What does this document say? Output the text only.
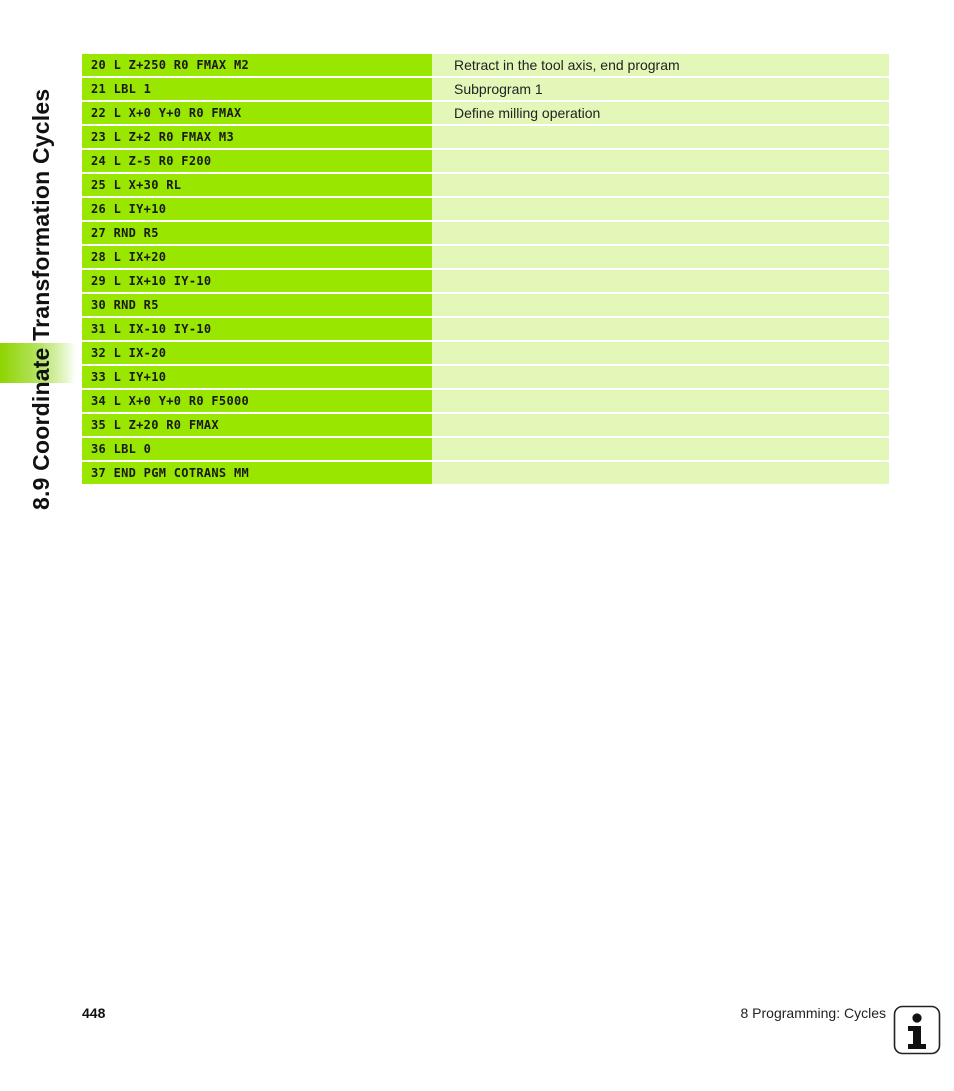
8.9 Coordinate Transformation Cycles
20 L Z+250 R0 FMAX M2	Retract in the tool axis, end program
21 LBL 1	Subprogram 1
22 L X+0 Y+0 R0 FMAX	Define milling operation
23 L Z+2 R0 FMAX M3
24 L Z-5 R0 F200
25 L X+30 RL
26 L IY+10
27 RND R5
28 L IX+20
29 L IX+10 IY-10
30 RND R5
31 L IX-10 IY-10
32 L IX-20
33 L IY+10
34 L X+0 Y+0 R0 F5000
35 L Z+20 R0 FMAX
36 LBL 0
37 END PGM COTRANS MM
448	8 Programming: Cycles
